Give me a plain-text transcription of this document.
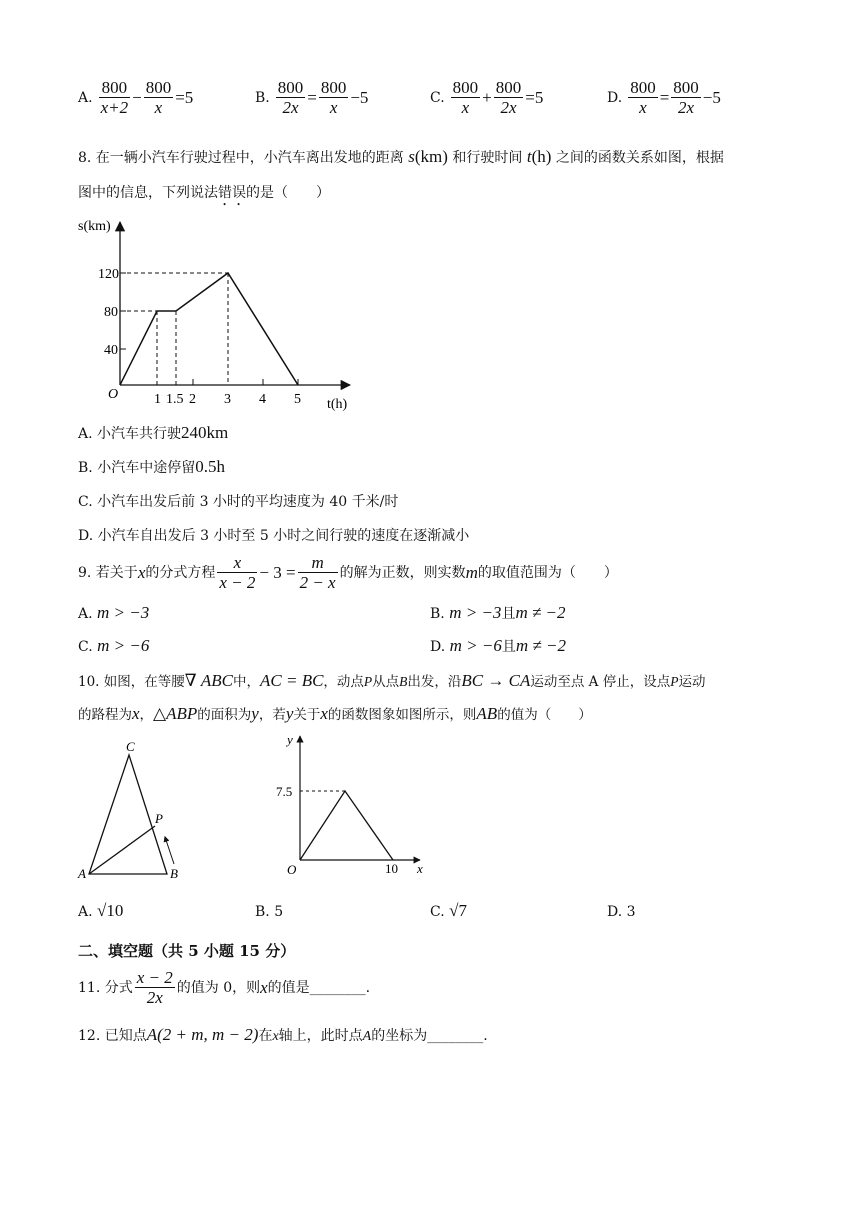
A. $\frac{800}{x+2} - \frac{800}{x} =5$	B. $\frac{800}{2x} = \frac{800}{x} -5$	C. $\frac{800}{x} + \frac{800}{2x} =5$	D. $\frac{800}{x} = \frac{800}{2x} -5$
8. 在一辆小汽车行驶过程中，小汽车离出发地的距离 s(km) 和行驶时间 t(h) 之间的函数关系如图，根据
图中的信息，下列说法错误的是（　　）
s(km)
120
80
40
O	1 1.5 2 3 4 5 t(h)
A. 小汽车共行驶240km
B. 小汽车中途停留0.5h
C. 小汽车出发后前 3 小时的平均速度为 40 千米/时
D. 小汽车自出发后 3 小时至 5 小时之间行驶的速度在逐渐减小
9. 若关于 x 的分式方程 $\frac{x}{x - 2} - 3 = \frac{m}{2 - x}$ 的解为正数，则实数 m 的取值范围为（　　）
A. m > −3	B. m > −3且m ≠ −2
C. m > −6	D. m > −6且m ≠ −2
10. 如图，在等腰∇ ABC中，AC = BC，动点P从点B出发，沿BC → CA运动至点 A 停止，设点P运动
的路程为x，△ABP的面积为y，若y关于x的函数图象如图所示，则AB的值为（　　）
C
P
A	B
y
7.5
O	10 x
A. √10	B. 5	C. √7	D. 3
二、填空题（共 5 小题 15 分）
11. 分式 $\frac{x - 2}{2x}$ 的值为 0，则 x 的值是________.
12. 已知点A(2 + m, m − 2)在x轴上，此时点A的坐标为________.
